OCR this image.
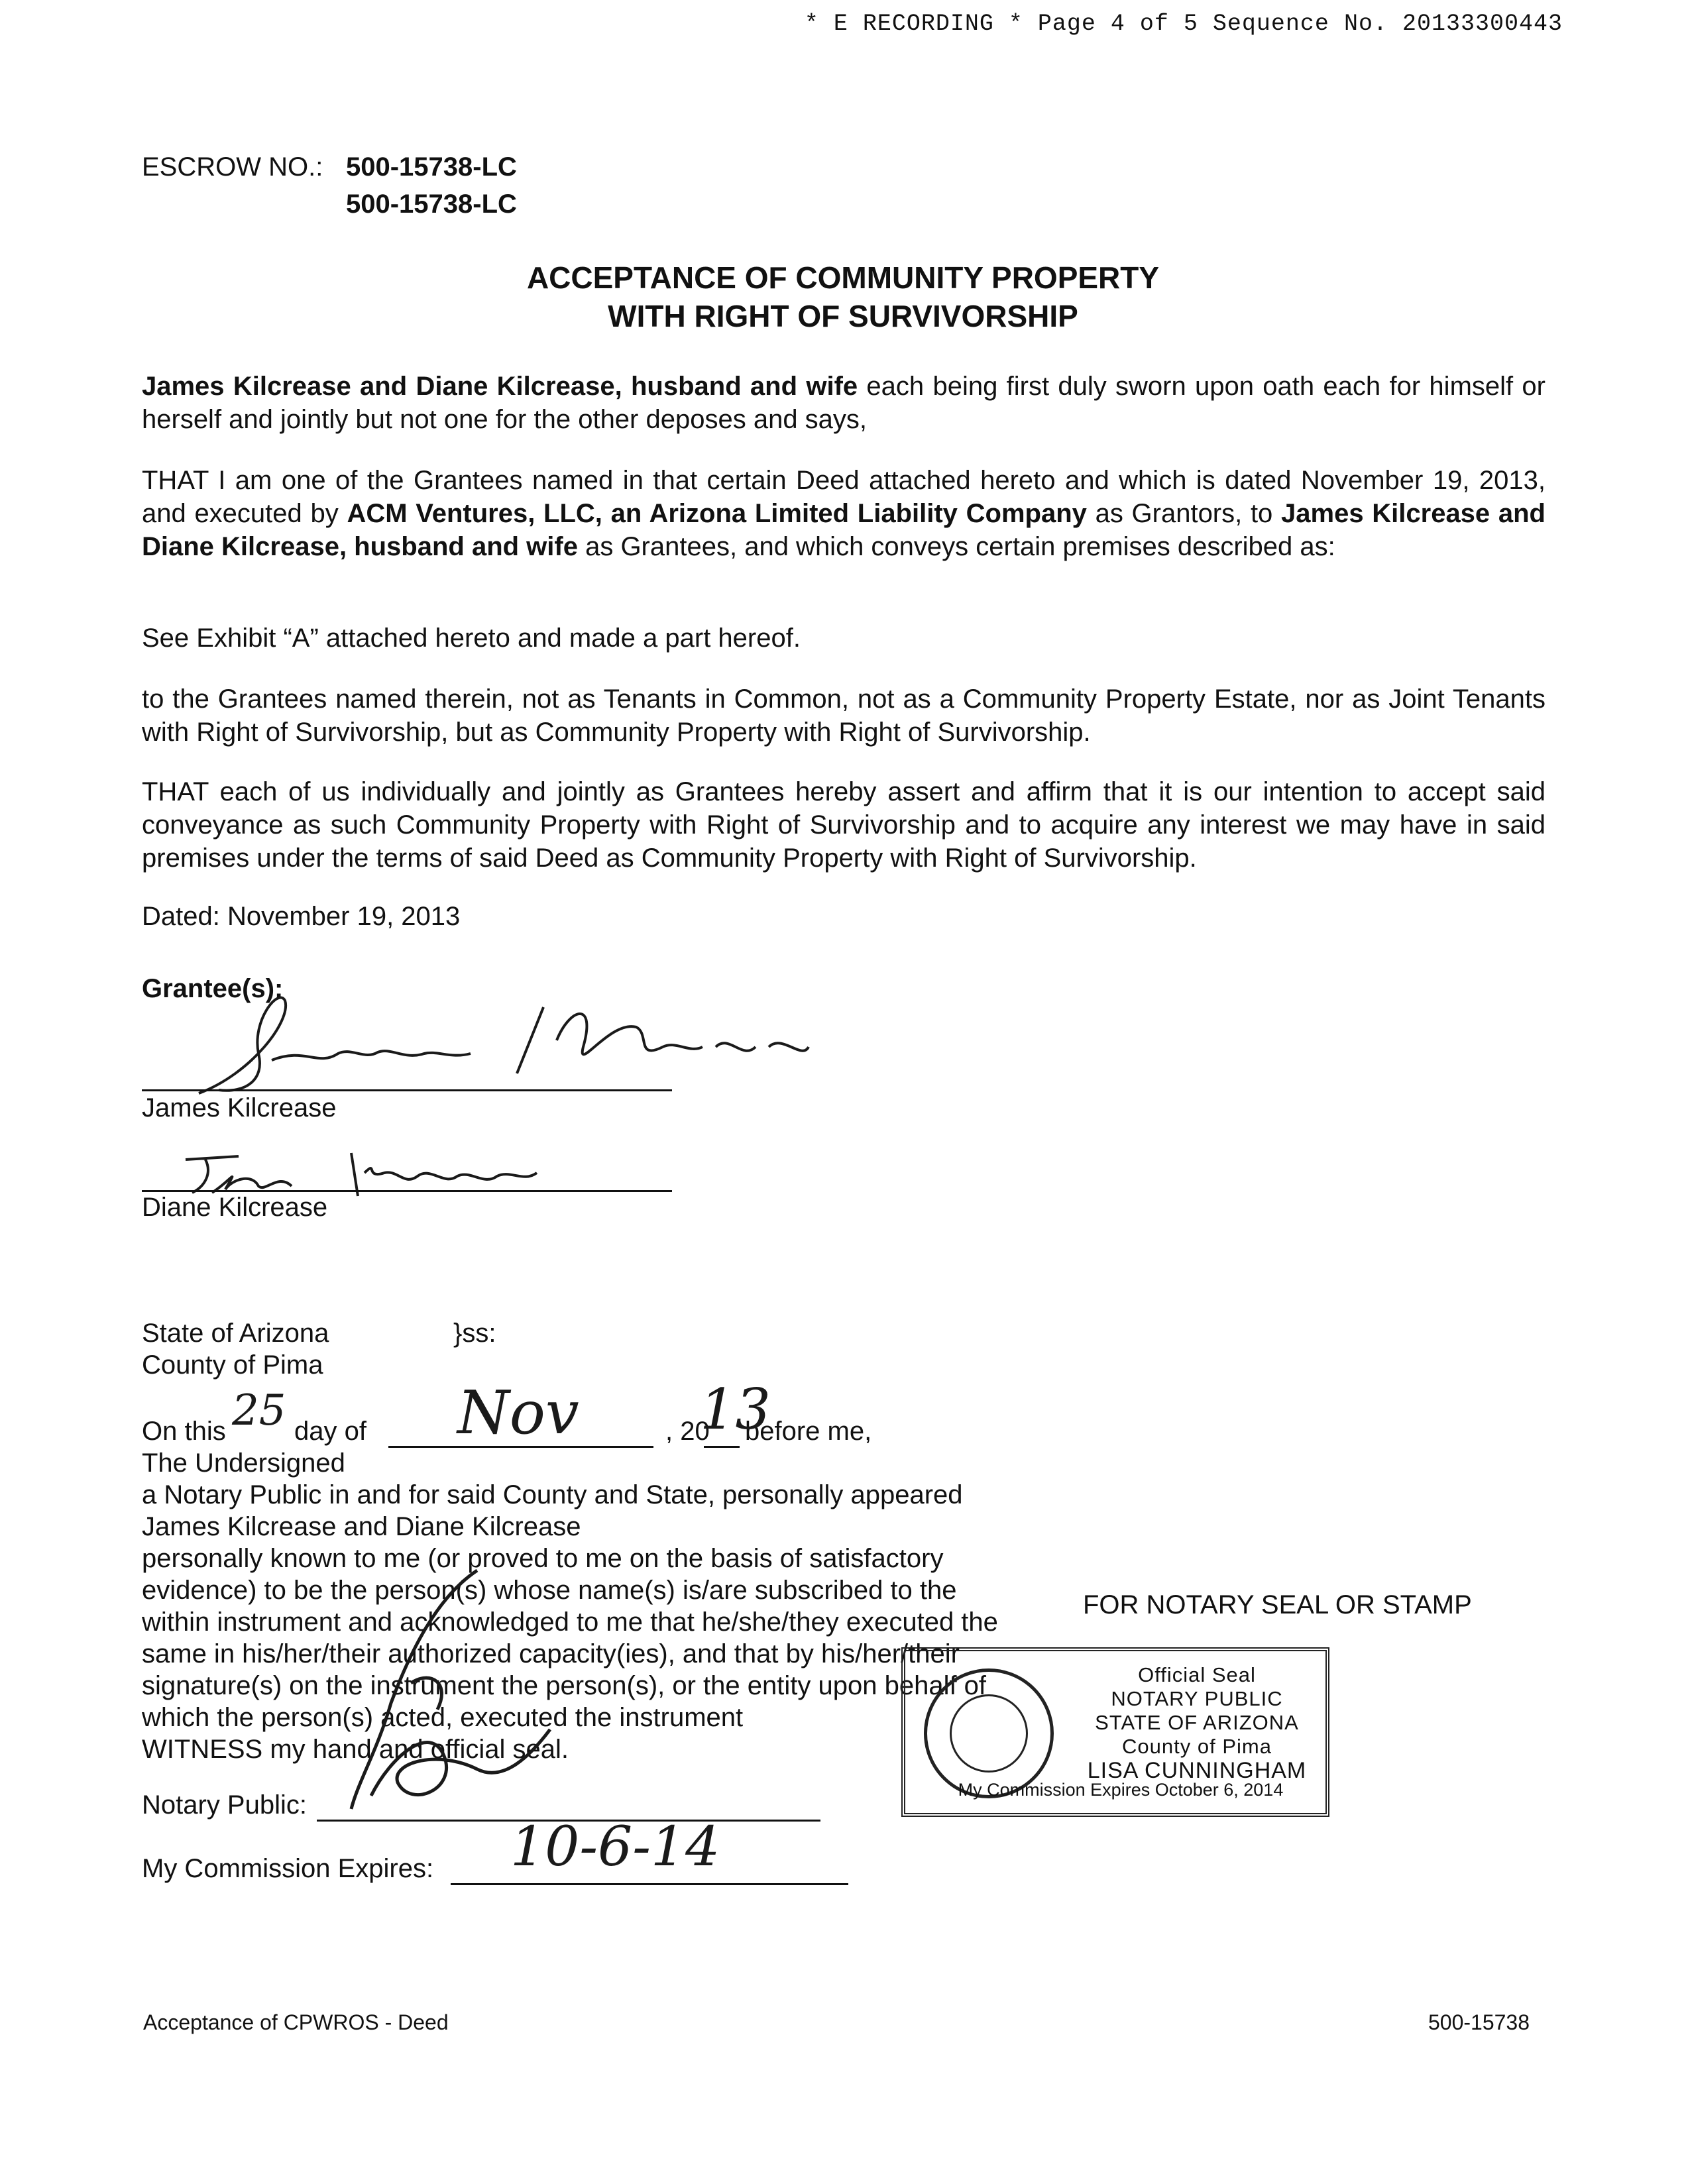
* E RECORDING * Page 4 of 5 Sequence No. 20133300443
ESCROW NO.: 500-15738-LC
500-15738-LC
ACCEPTANCE OF COMMUNITY PROPERTY
WITH RIGHT OF SURVIVORSHIP
James Kilcrease and Diane Kilcrease, husband and wife each being first duly sworn upon oath each for himself or herself and jointly but not one for the other deposes and says,
THAT I am one of the Grantees named in that certain Deed attached hereto and which is dated November 19, 2013, and executed by ACM Ventures, LLC, an Arizona Limited Liability Company as Grantors, to James Kilcrease and Diane Kilcrease, husband and wife as Grantees, and which conveys certain premises described as:
See Exhibit “A” attached hereto and made a part hereof.
to the Grantees named therein, not as Tenants in Common, not as a Community Property Estate, nor as Joint Tenants with Right of Survivorship, but as Community Property with Right of Survivorship.
THAT each of us individually and jointly as Grantees hereby assert and affirm that it is our intention to accept said conveyance as such Community Property with Right of Survivorship and to acquire any interest we may have in said premises under the terms of said Deed as Community Property with Right of Survivorship.
Dated: November 19, 2013
Grantee(s):
James Kilcrease
Diane Kilcrease
State of Arizona	}ss:
County of Pima
On this	day of	, 20 before me,
25	Nov 13
The Undersigned
a Notary Public in and for said County and State, personally appeared
James Kilcrease and Diane Kilcrease
personally known to me (or proved to me on the basis of satisfactory
evidence) to be the person(s) whose name(s) is/are subscribed to the
within instrument and acknowledged to me that he/she/they executed the
same in his/her/their authorized capacity(ies), and that by his/her/their
signature(s) on the instrument the person(s), or the entity upon behalf of
which the person(s) acted, executed the instrument
WITNESS my hand and official seal.
FOR NOTARY SEAL OR STAMP
Notary Public:
My Commission Expires:	10-6-14
Official Seal
NOTARY PUBLIC
STATE OF ARIZONA
County of Pima
LISA CUNNINGHAM
My Commission Expires October 6, 2014
Acceptance of CPWROS - Deed	500-15738
